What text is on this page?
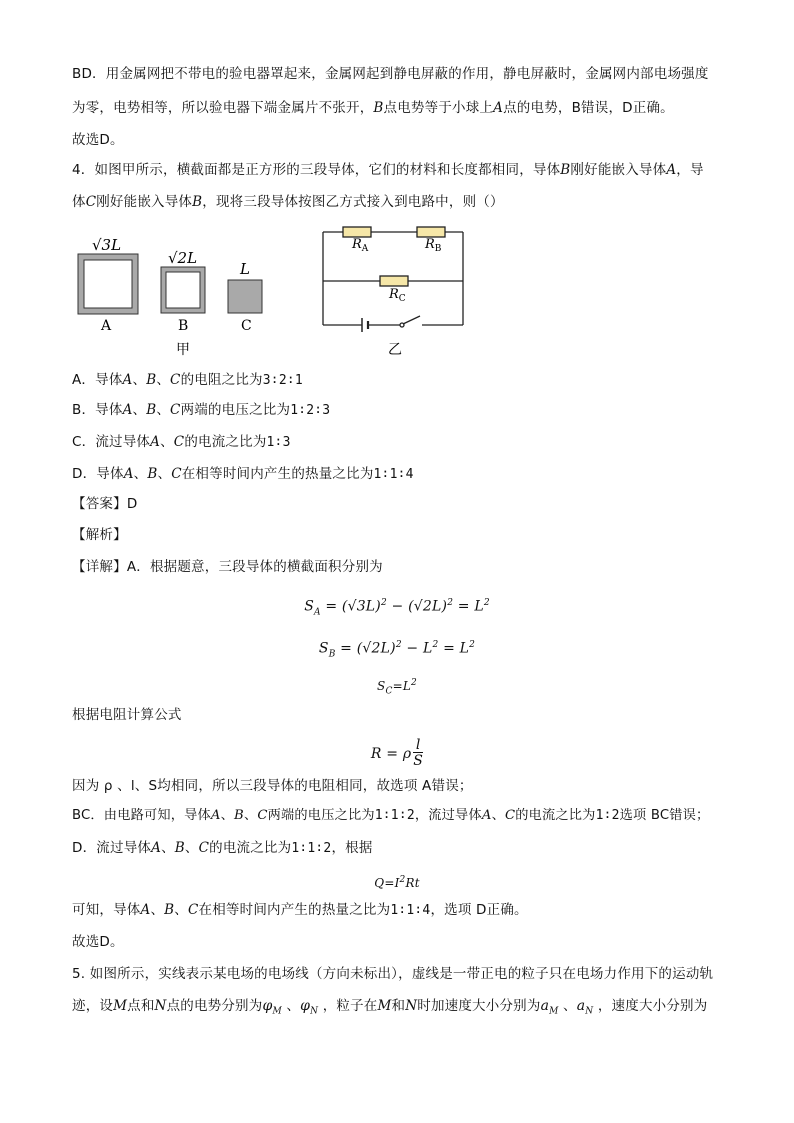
BD．用金属网把不带电的验电器罩起来，金属网起到静电屏蔽的作用，静电屏蔽时，金属网内部电场强度
为零，电势相等，所以验电器下端金属片不张开，B点电势等于小球上A点的电势，B错误，D正确。
故选D。
4．如图甲所示，横截面都是正方形的三段导体，它们的材料和长度都相同，导体B刚好能嵌入导体A，导
体C刚好能嵌入导体B，现将三段导体按图乙方式接入到电路中，则（）
√3L
√2L
L
A	B	C
甲
$R_A$	$R_B$
$R_C$
乙
A．导体A、B、C的电阻之比为3∶2∶1
B．导体A、B、C两端的电压之比为1∶2∶3
C．流过导体A、C的电流之比为1∶3
D．导体A、B、C在相等时间内产生的热量之比为1∶1∶4
【答案】D
【解析】
【详解】A．根据题意，三段导体的横截面积分别为
$S_A = (√3L)^2 - (√2L)^2 = L^2$
$S_B = (√2L)^2 - L^2 = L^2$
$S_C=L^2$
根据电阻计算公式
R = ρ $\frac{l}{S}$
因为 ρ 、l、S均相同，所以三段导体的电阻相同，故选项 A错误；
BC．由电路可知，导体A、B、C两端的电压之比为1∶1∶2，流过导体A、C的电流之比为1∶2选项 BC错误；
D．流过导体A、B、C的电流之比为1∶1∶2，根据
$Q=I^2Rt$
可知，导体A、B、C在相等时间内产生的热量之比为1∶1∶4，选项 D正确。
故选D。
5. 如图所示，实线表示某电场的电场线（方向未标出），虚线是一带正电的粒子只在电场力作用下的运动轨
迹，设M点和N点的电势分别为$\varphi_M$ 、$\varphi_N$ ，粒子在M和N时加速度大小分别为$a_M$ 、$a_N$ ，速度大小分别为
